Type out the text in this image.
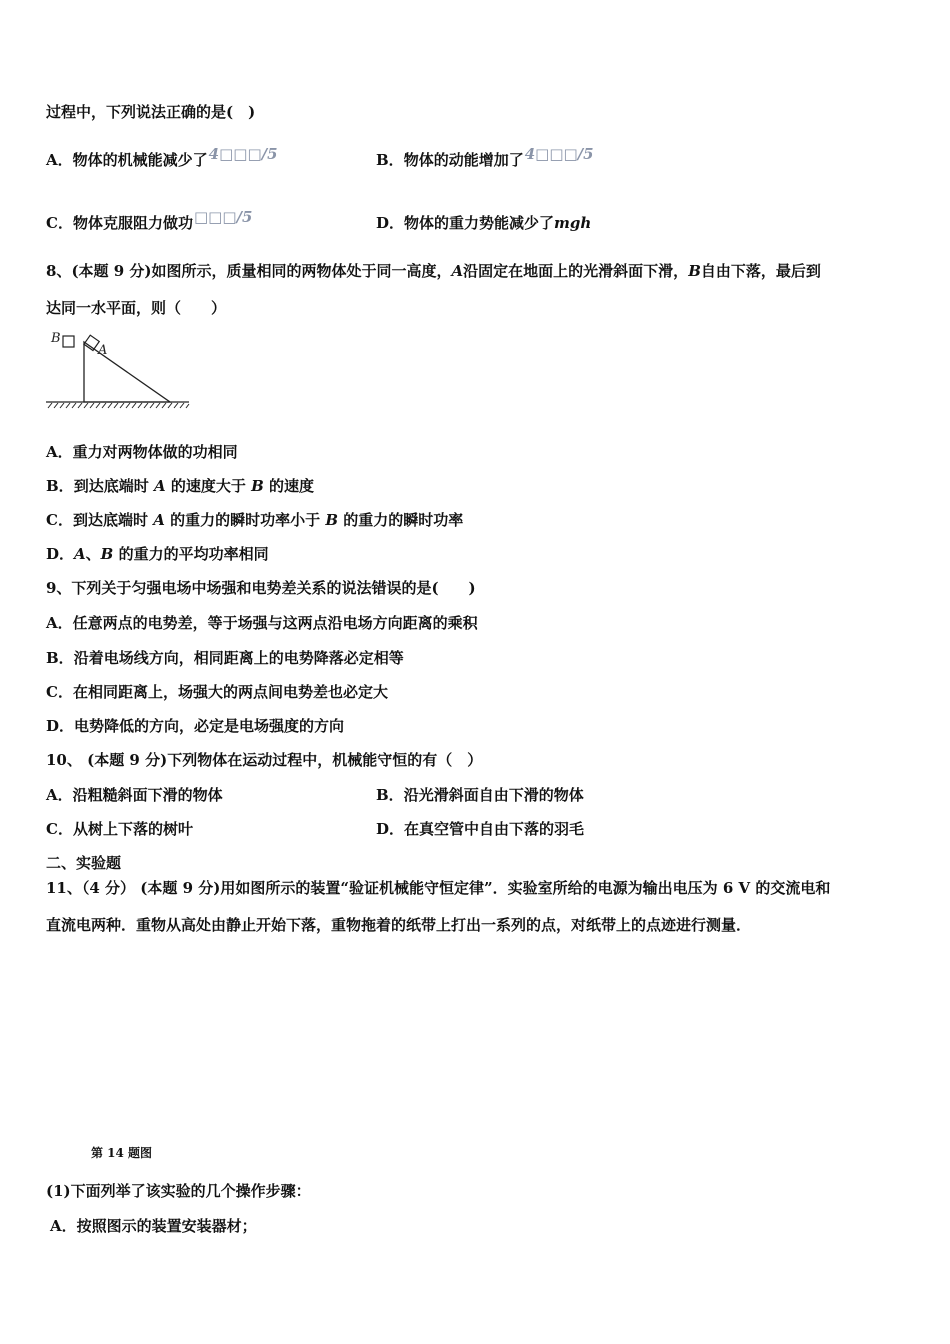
过程中，下列说法正确的是(　)
A．物体的机械能减少了4□□□/5	B．物体的动能增加了4□□□/5
C．物体克服阻力做功□□□/5	D．物体的重力势能减少了mgh
8、(本题 9 分)如图所示，质量相同的两物体处于同一高度，A沿固定在地面上的光滑斜面下滑，B自由下落，最后到
达同一水平面，则（　　）
B
A
A．重力对两物体做的功相同
B．到达底端时 A 的速度大于 B 的速度
C．到达底端时 A 的重力的瞬时功率小于 B 的重力的瞬时功率
D．A、B 的重力的平均功率相同
9、下列关于匀强电场中场强和电势差关系的说法错误的是(　　)
A．任意两点的电势差，等于场强与这两点沿电场方向距离的乘积
B．沿着电场线方向，相同距离上的电势降落必定相等
C．在相同距离上，场强大的两点间电势差也必定大
D．电势降低的方向，必定是电场强度的方向
10、 (本题 9 分)下列物体在运动过程中，机械能守恒的有（　）
A．沿粗糙斜面下滑的物体	B．沿光滑斜面自由下滑的物体
C．从树上下落的树叶	D．在真空管中自由下落的羽毛
二、实验题
11、（4 分） (本题 9 分)用如图所示的装置“验证机械能守恒定律”．实验室所给的电源为输出电压为 6 V 的交流电和
直流电两种．重物从高处由静止开始下落，重物拖着的纸带上打出一系列的点，对纸带上的点迹进行测量．
第 14 题图
(1)下面列举了该实验的几个操作步骤：
A．按照图示的装置安装器材；
